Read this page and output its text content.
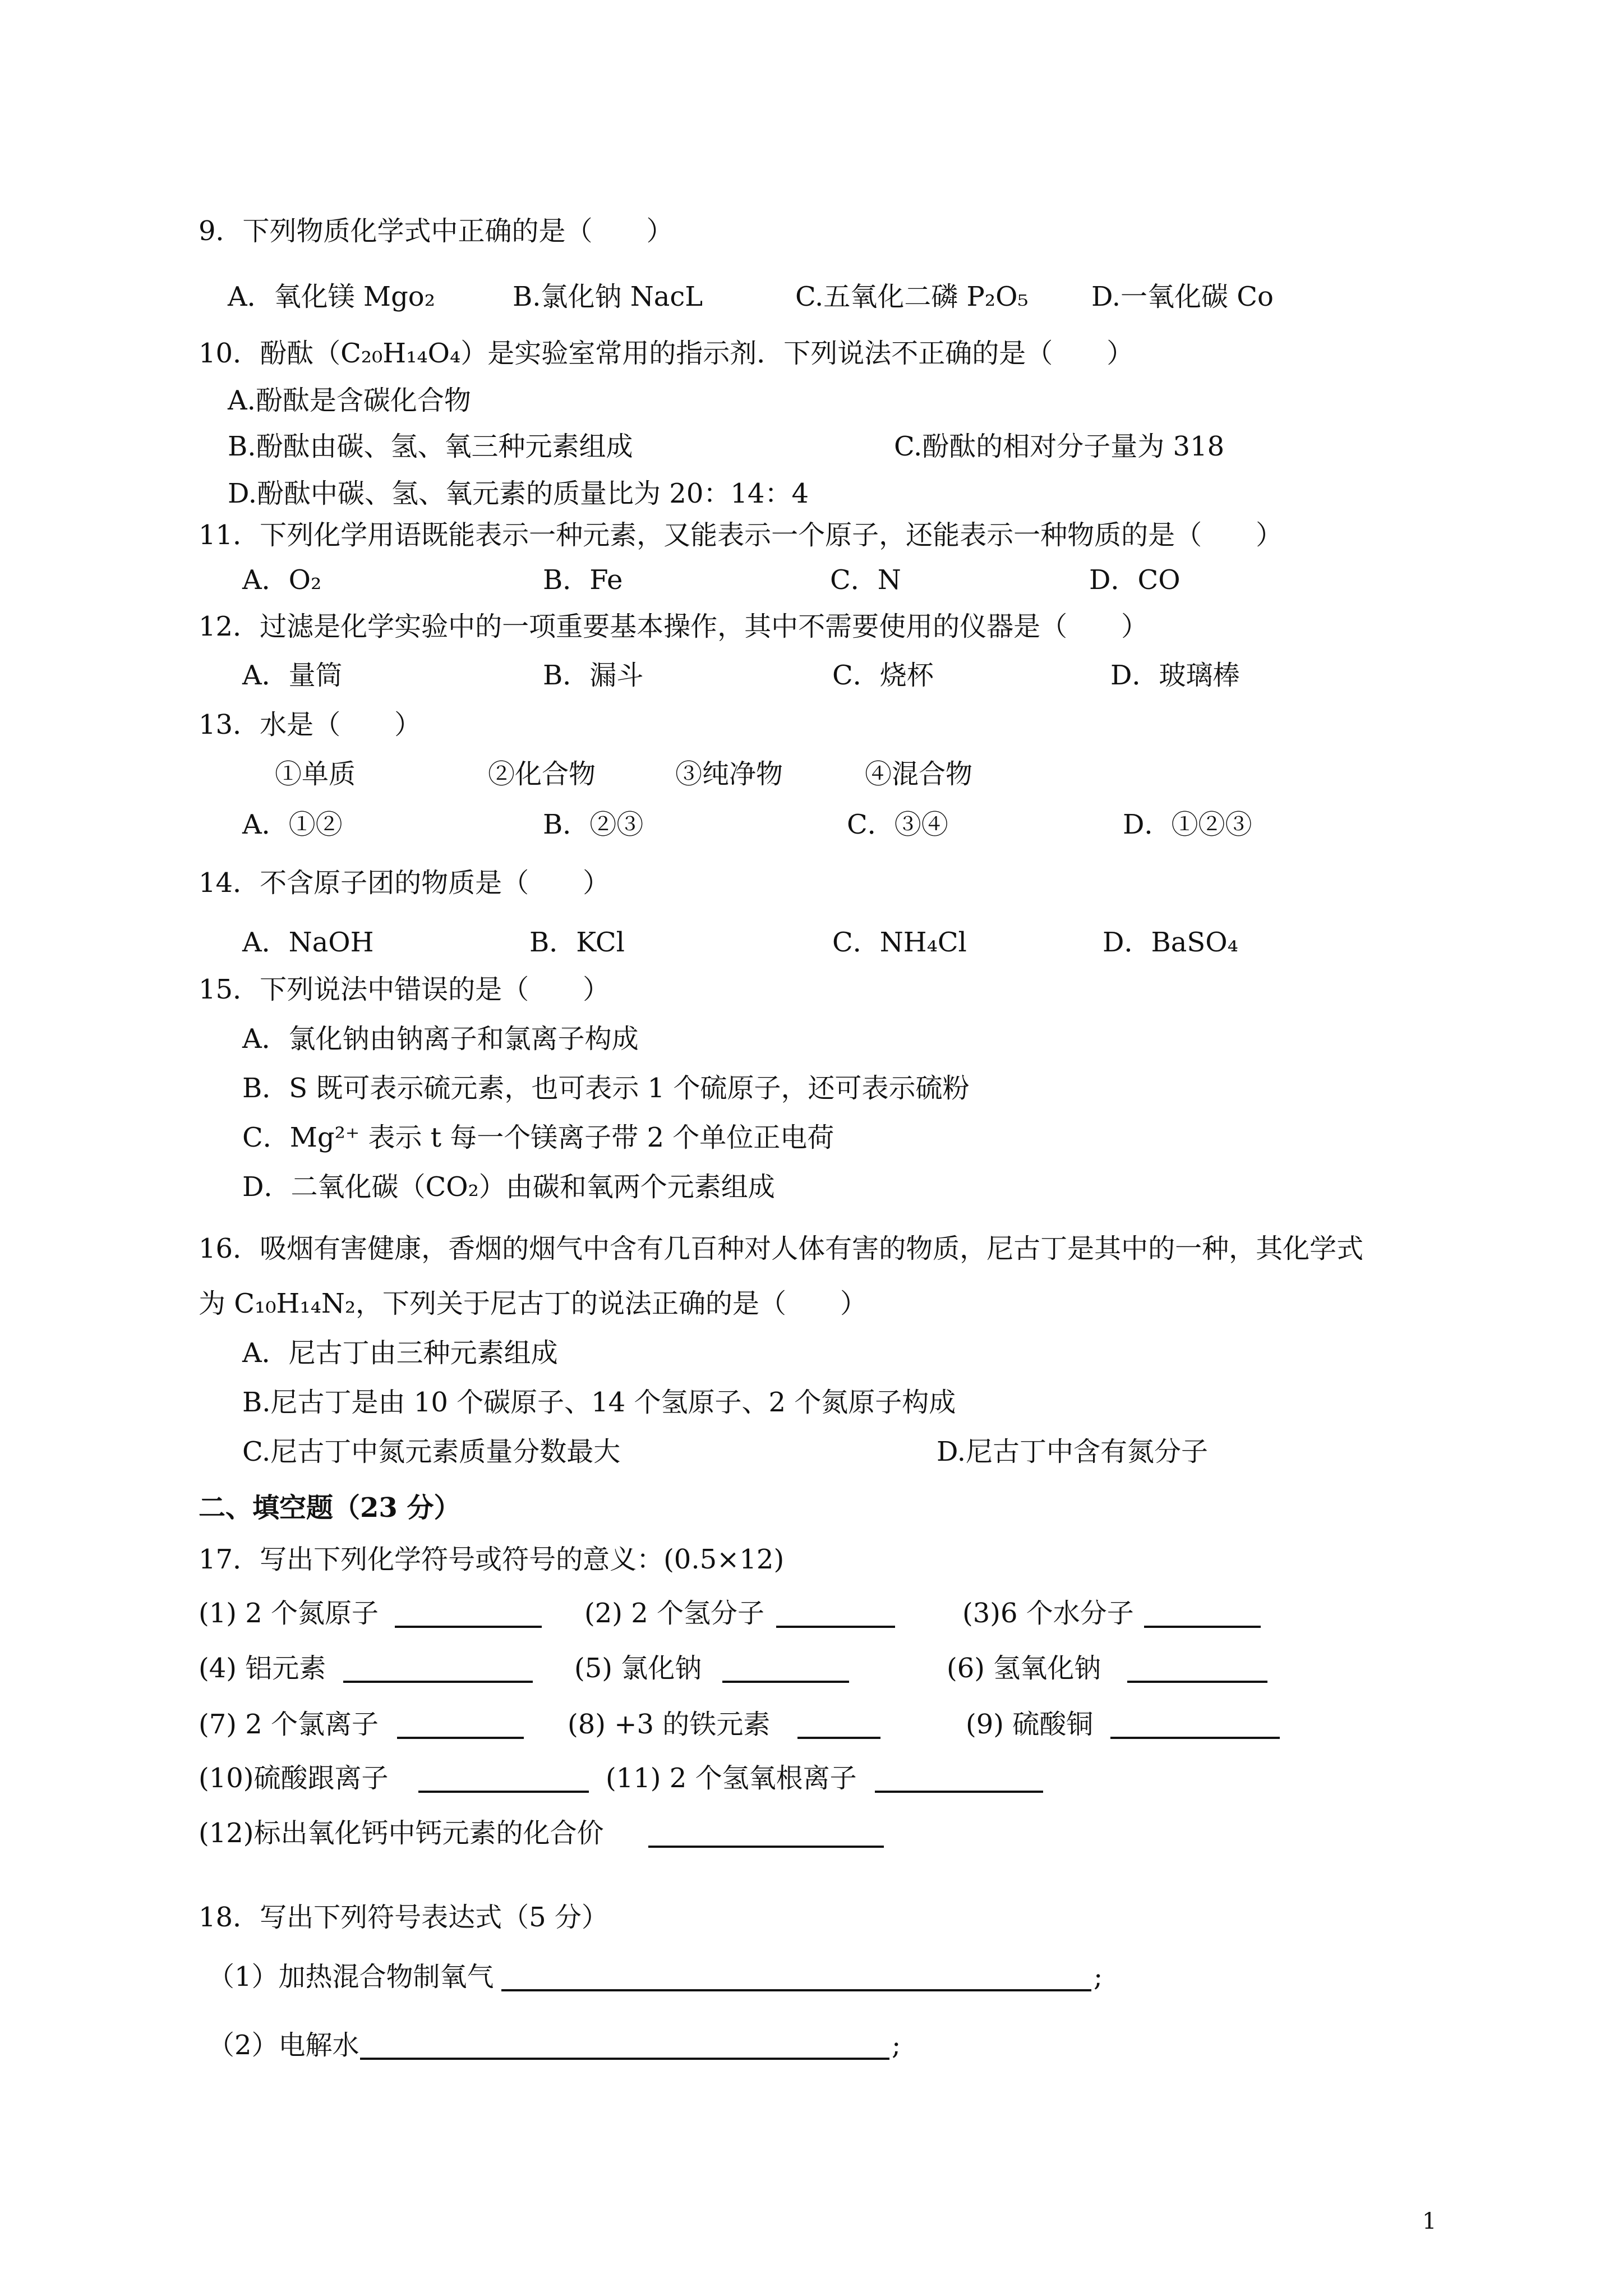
9．下列物质化学式中正确的是（　　）
A．氧化镁 Mgo₂	B.氯化钠 NacL	C.五氧化二磷 P₂O₅ D.一氧化碳 Co
10．酚酞（C₂₀H₁₄O₄）是实验室常用的指示剂．下列说法不正确的是（　　）
A.酚酞是含碳化合物
B.酚酞由碳、氢、氧三种元素组成	C.酚酞的相对分子量为 318
D.酚酞中碳、氢、氧元素的质量比为 20：14：4
11．下列化学用语既能表示一种元素，又能表示一个原子，还能表示一种物质的是（　　）
A．O₂	B．Fe	C．N	D．CO
12．过滤是化学实验中的一项重要基本操作，其中不需要使用的仪器是（　　）
A．量筒	B．漏斗	C．烧杯	D．玻璃棒
13．水是（　　）
①单质	②化合物	③纯净物	④混合物
A．①②	B．②③	C．③④	D．①②③
14．不含原子团的物质是（　　）
A．NaOH	B．KCl	C．NH₄Cl	D．BaSO₄
15．下列说法中错误的是（　　）
A．氯化钠由钠离子和氯离子构成
B．S 既可表示硫元素，也可表示 1 个硫原子，还可表示硫粉
C．Mg²⁺ 表示 t 每一个镁离子带 2 个单位正电荷
D．二氧化碳（CO₂）由碳和氧两个元素组成
16．吸烟有害健康，香烟的烟气中含有几百种对人体有害的物质，尼古丁是其中的一种，其化学式
为 C₁₀H₁₄N₂，下列关于尼古丁的说法正确的是（　　）
A．尼古丁由三种元素组成
B.尼古丁是由 10 个碳原子、14 个氢原子、2 个氮原子构成
C.尼古丁中氮元素质量分数最大	D.尼古丁中含有氮分子
二、填空题（23 分）
17．写出下列化学符号或符号的意义：(0.5×12)
(1) 2 个氮原子	(2) 2 个氢分子	(3)6 个水分子
(4) 铝元素	(5) 氯化钠	(6) 氢氧化钠
(7) 2 个氯离子	(8) +3 的铁元素	(9) 硫酸铜
(10)硫酸跟离子	(11) 2 个氢氧根离子
(12)标出氧化钙中钙元素的化合价
18．写出下列符号表达式（5 分）
（1）加热混合物制氧气	;
（2）电解水	;
1
